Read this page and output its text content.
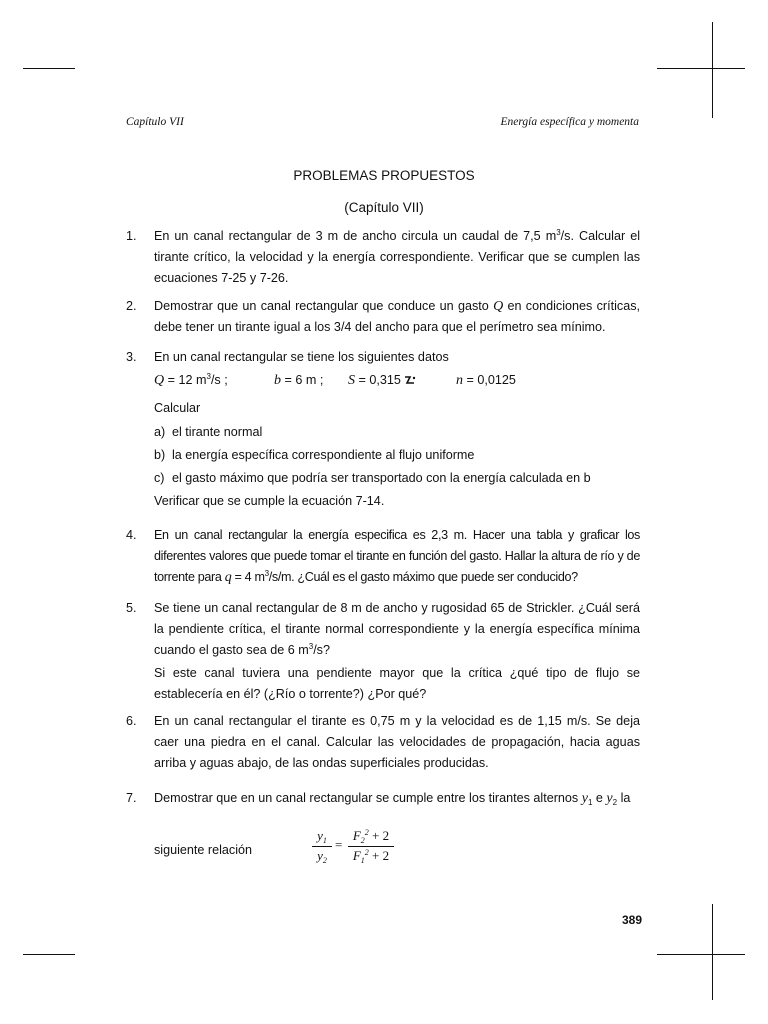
Capítulo VII	Energía específica y momenta
PROBLEMAS PROPUESTOS
(Capítulo VII)
1. En un canal rectangular de 3 m de ancho circula un caudal de 7,5 $m^3/s$. Calcular el tirante crítico, la velocidad y la energía correspondiente. Verificar que se cumplen las ecuaciones 7-25 y 7-26.

2. Demostrar que un canal rectangular que conduce un gasto Q en condiciones críticas, debe tener un tirante igual a los 3/4 del ancho para que el perímetro sea mínimo.

3. En un canal rectangular se tiene los siguientes datos

Q = 12 $m^3/s$ ;	b = 6 m ; S = 0,315	n = 0,0125
Calcular
a) el tirante normal
b) la energía específica correspondiente al flujo uniforme
c) el gasto máximo que podría ser transportado con la energía calculada en b
Verificar que se cumple la ecuación 7-14.
4. En un canal rectangular la energía especifica es 2,3 m. Hacer una tabla y graficar los diferentes valores que puede tomar el tirante en función del gasto. Hallar la altura de río y de torrente para q = 4 $m^3/s/m$. ¿Cuál es el gasto máximo que puede ser conducido?

5. Se tiene un canal rectangular de 8 m de ancho y rugosidad 65 de Strickler. ¿Cuál será la pendiente crítica, el tirante normal correspondiente y la energía específica mínima cuando el gasto sea de 6 $m^3/s$?

Si este canal tuviera una pendiente mayor que la crítica ¿qué tipo de flujo se establecería en él? (¿Río o torrente?) ¿Por qué?

6. En un canal rectangular el tirante es 0,75 m y la velocidad es de 1,15 m/s. Se deja caer una piedra en el canal. Calcular las velocidades de propagación, hacia aguas arriba y aguas abajo, de las ondas superficiales producidas.

7. Demostrar que en un canal rectangular se cumple entre los tirantes alternos $y_1$ e $y_2$ la

siguiente relación

$y_1$
$y_2$
=
$F_2^2 + 2$
$F_1^2 + 2$
389
